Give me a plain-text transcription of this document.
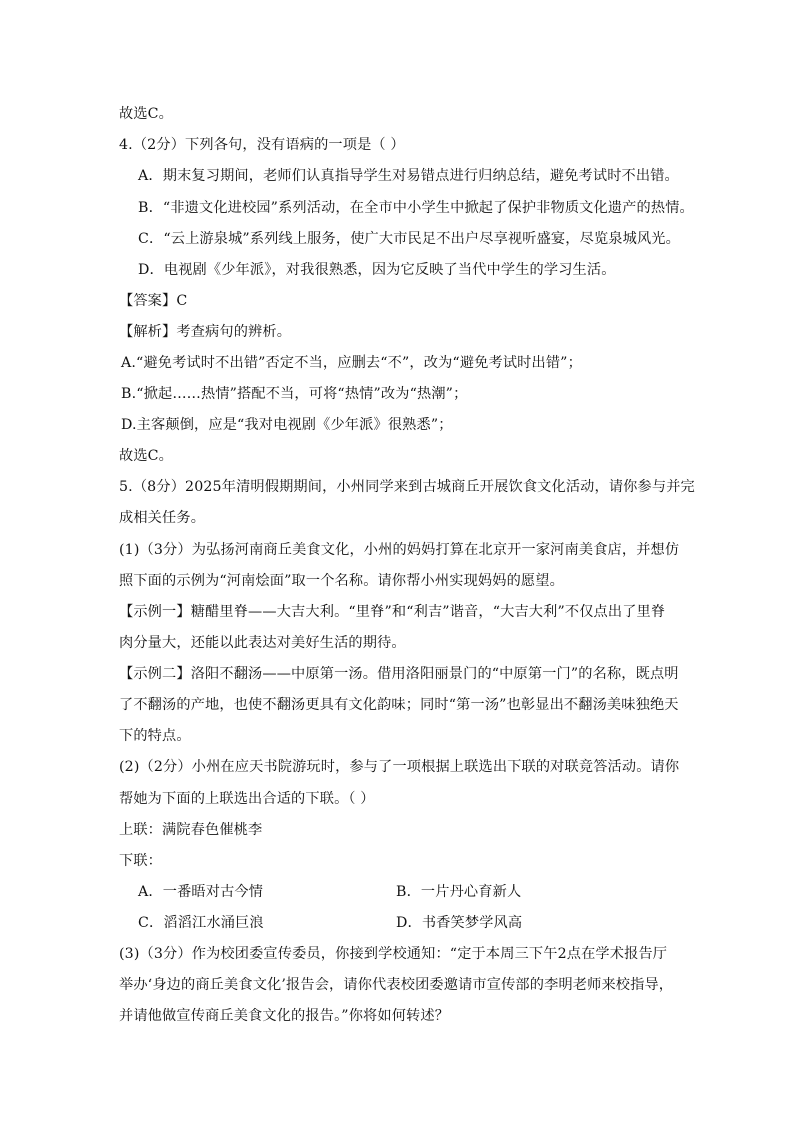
故选C。
4.（2分）下列各句，没有语病的一项是（ ）
A．期末复习期间，老师们认真指导学生对易错点进行归纳总结，避免考试时不出错。
B．“非遗文化进校园”系列活动，在全市中小学生中掀起了保护非物质文化遗产的热情。
C．“云上游泉城”系列线上服务，使广大市民足不出户尽享视听盛宴，尽览泉城风光。
D．电视剧《少年派》，对我很熟悉，因为它反映了当代中学生的学习生活。
【答案】C
【解析】考查病句的辨析。
A.“避免考试时不出错”否定不当，应删去“不”，改为“避免考试时出错”；
B.“掀起……热情”搭配不当，可将“热情”改为“热潮”；
D.主客颠倒，应是“我对电视剧《少年派》很熟悉”；
故选C。
5.（8分）2025年清明假期期间，小州同学来到古城商丘开展饮食文化活动，请你参与并完
成相关任务。
(1)（3分）为弘扬河南商丘美食文化，小州的妈妈打算在北京开一家河南美食店，并想仿
照下面的示例为“河南烩面”取一个名称。请你帮小州实现妈妈的愿望。
【示例一】糖醋里脊——大吉大利。“里脊”和“利吉”谐音，“大吉大利”不仅点出了里脊
肉分量大，还能以此表达对美好生活的期待。
【示例二】洛阳不翻汤——中原第一汤。借用洛阳丽景门的“中原第一门”的名称，既点明
了不翻汤的产地，也使不翻汤更具有文化韵味；同时“第一汤”也彰显出不翻汤美味独绝天
下的特点。
(2)（2分）小州在应天书院游玩时，参与了一项根据上联选出下联的对联竞答活动。请你
帮她为下面的上联选出合适的下联。（ ）
上联：满院春色催桃李
下联：
A．一番晤对古今情	B．一片丹心育新人
C．滔滔江水涌巨浪	D．书香笑梦学风高
(3)（3分）作为校团委宣传委员，你接到学校通知：“定于本周三下午2点在学术报告厅
举办‘身边的商丘美食文化’报告会，请你代表校团委邀请市宣传部的李明老师来校指导，
并请他做宣传商丘美食文化的报告。”你将如何转述？
